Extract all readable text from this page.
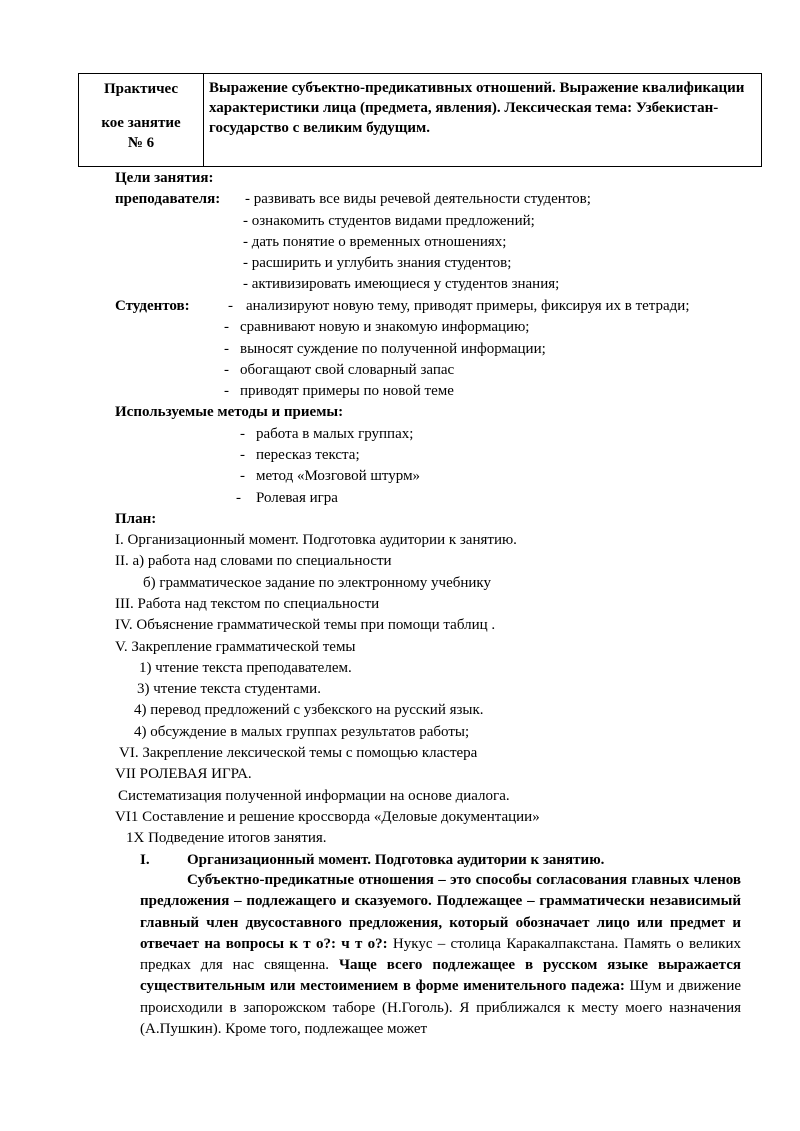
Практичес
кое занятие
№ 6
Выражение субъектно-предикативных отношений. Выражение квалификации характеристики лица (предмета, явления). Лексическая тема: Узбекистан-государство с великим будущим.
Цели занятия:
преподавателя: - развивать все виды речевой деятельности студентов;
- ознакомить студентов видами предложений;
- дать понятие о временных отношениях;
- расширить и углубить знания студентов;
- активизировать имеющиеся у студентов знания;
Студентов:	- анализируют новую тему, приводят примеры, фиксируя их в тетради;
- сравнивают новую и знакомую информацию;
- выносят суждение по полученной информации;
- обогащают свой словарный запас
- приводят примеры по новой теме
Используемые методы и приемы:
- работа в малых группах;
- пересказ текста;
- метод «Мозговой штурм»
- Ролевая игра
План:
I. Организационный момент. Подготовка аудитории к занятию.
II. а) работа над словами по специальности
б) грамматическое задание по электронному учебнику
III. Работа над текстом по специальности
IV. Объяснение грамматической темы при помощи таблиц .
V. Закрепление грамматической темы
1) чтение текста преподавателем.
3) чтение текста студентами.
4) перевод предложений с узбекского на русский язык.
4) обсуждение в малых группах результатов работы;
VI. Закрепление лексической темы с помощью кластера
VII РОЛЕВАЯ ИГРА.
Систематизация полученной информации на основе диалога.
VI1 Составление и решение кроссворда «Деловые документации»
1Х Подведение итогов занятия.
I. Организационный момент. Подготовка аудитории к занятию.
Субъектно-предикатные отношения – это способы согласования главных членов предложения – подлежащего и сказуемого. Подлежащее – грамматически независимый главный член двусоставного предложения, который обозначает лицо или предмет и отвечает на вопросы к т о?: ч т о?: Нукус – столица Каракалпакстана. Память о великих предках для нас священна. Чаще всего подлежащее в русском языке выражается существительным или местоимением в форме именительного падежа: Шум и движение происходили в запорожском таборе (Н.Гоголь). Я приближался к месту моего назначения (А.Пушкин). Кроме того, подлежащее может
